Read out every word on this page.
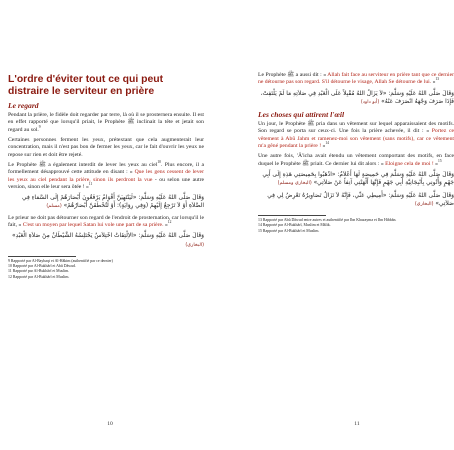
L'ordre d'éviter tout ce qui peut distraire le serviteur en prière
Le regard

Pendant la prière, le fidèle doit regarder par terre, là où il se prosternera ensuite. Il est en effet rapporté que lorsqu'il priait, le Prophète ﷺ inclinait la tête et jetait son regard au sol.$^9$

Certaines personnes ferment les yeux, prétextant que cela augmenterait leur concentration, mais il n'est pas bon de fermer les yeux, car le fait d'ouvrir les yeux ne repose sur rien et doit être rejeté.

Le Prophète ﷺ a également interdit de lever les yeux au ciel$^{10}$. Plus encore, il a formellement désapprouvé cette attitude en disant : « Que les gens cessent de lever les yeux au ciel pendant la prière, sinon ils perdront la vue - ou selon une autre version, sinon elle leur sera ôtée ! »$^{11}$

وَقَالَ صَلَّى اللهُ عَلَيْهِ وَسَلَّمَ: «لَيَنْتَهِيَنَّ أَقْوَامٌ يَرْفَعُونَ أَبْصَارَهُمْ إِلَى السَّمَاءِ فِي الصَّلاَةِ أَوْ لاَ تَرْجِعُ إِلَيْهِمْ (وَفِي رِوَايَةٍ): أَوْ لَتُخْطَفَنَّ أَبْصَارُهُمْ» (مسلم)

Le prieur ne doit pas détourner son regard de l'endroit de prosternation, car lorsqu'il le fait, « C'est un moyen par lequel Satan lui vole une part de sa prière. »$^{12}$

وَقَالَ صَلَّى اللهُ عَلَيْهِ وَسَلَّمَ: «الاِلْتِفَاتُ اخْتِلاَسٌ يَخْتَلِسُهُ الشَّيْطَانُ مِنْ صَلاَةِ الْعَبْدِ» (البخاري)

9 Rapporté par Al-Bayhaqi et Al-Hâkim (authentifié par ce dernier)

10 Rapporté par Al-Bukhârî et Abû Dâwud.

11 Rapporté par Al-Bukhârî et Muslim.

12 Rapporté par Al-Bukhârî et Muslim.

Le Prophète ﷺ a aussi dit : « Allah fait face au serviteur en prière tant que ce dernier ne détourne pas son regard. S'il détourne le visage, Allah Se détourne de lui. »$^{13}$

وَقَالَ صَلَّى اللهُ عَلَيْهِ وَسَلَّمَ: «لاَ يَزَالُ اللهُ مُقْبِلاً عَلَى الْعَبْدِ فِي صَلاَتِهِ مَا لَمْ يَلْتَفِتْ، فَإِذَا صَرَفَ وَجْهَهُ انْصَرَفَ عَنْهُ» (أبو داود)
Les choses qui attirent l'œil

Un jour, le Prophète ﷺ pria dans un vêtement sur lequel apparaissaient des motifs. Son regard se porta sur ceux-ci. Une fois la prière achevée, il dit : « Portez ce vêtement à Abû Jahm et ramenez-moi son vêtement (sans motifs), car ce vêtement m'a gêné pendant la prière ! »$^{14}$

Une autre fois, 'Â'icha avait étendu un vêtement comportant des motifs, en face duquel le Prophète ﷺ priait. Ce dernier lui dit alors : « Eloigne cela de moi ! »$^{15}$

وَقَالَ صَلَّى اللهُ عَلَيْهِ وَسَلَّمَ فِي خَمِيصَةٍ لَهَا أَعْلاَمٌ: «اذْهَبُوا بِخَمِيصَتِي هَذِهِ إِلَى أَبِي جَهْمٍ وَأْتُونِي بِأَنْبِجَانِيَّةِ أَبِي جَهْمٍ فَإِنَّهَا أَلْهَتْنِي آنِفاً عَنْ صَلاَتِي» (البخاري ومسلم)
وَقَالَ صَلَّى اللهُ عَلَيْهِ وَسَلَّمَ: «أَمِيطِي عَنِّي، فَإِنَّهُ لاَ تَزَالُ تَصَاوِيرُهُ تَعْرِضُ لِي فِي صَلاَتِي» (البخاري)

13 Rapporté par Abû Dâwud entre autres et authentifié par Ibn Khuzayma et Ibn Hibbân.

14 Rapporté par Al-Bukhârî, Muslim et Mâlik.

15 Rapporté par Al-Bukhârî et Muslim.

10	11
